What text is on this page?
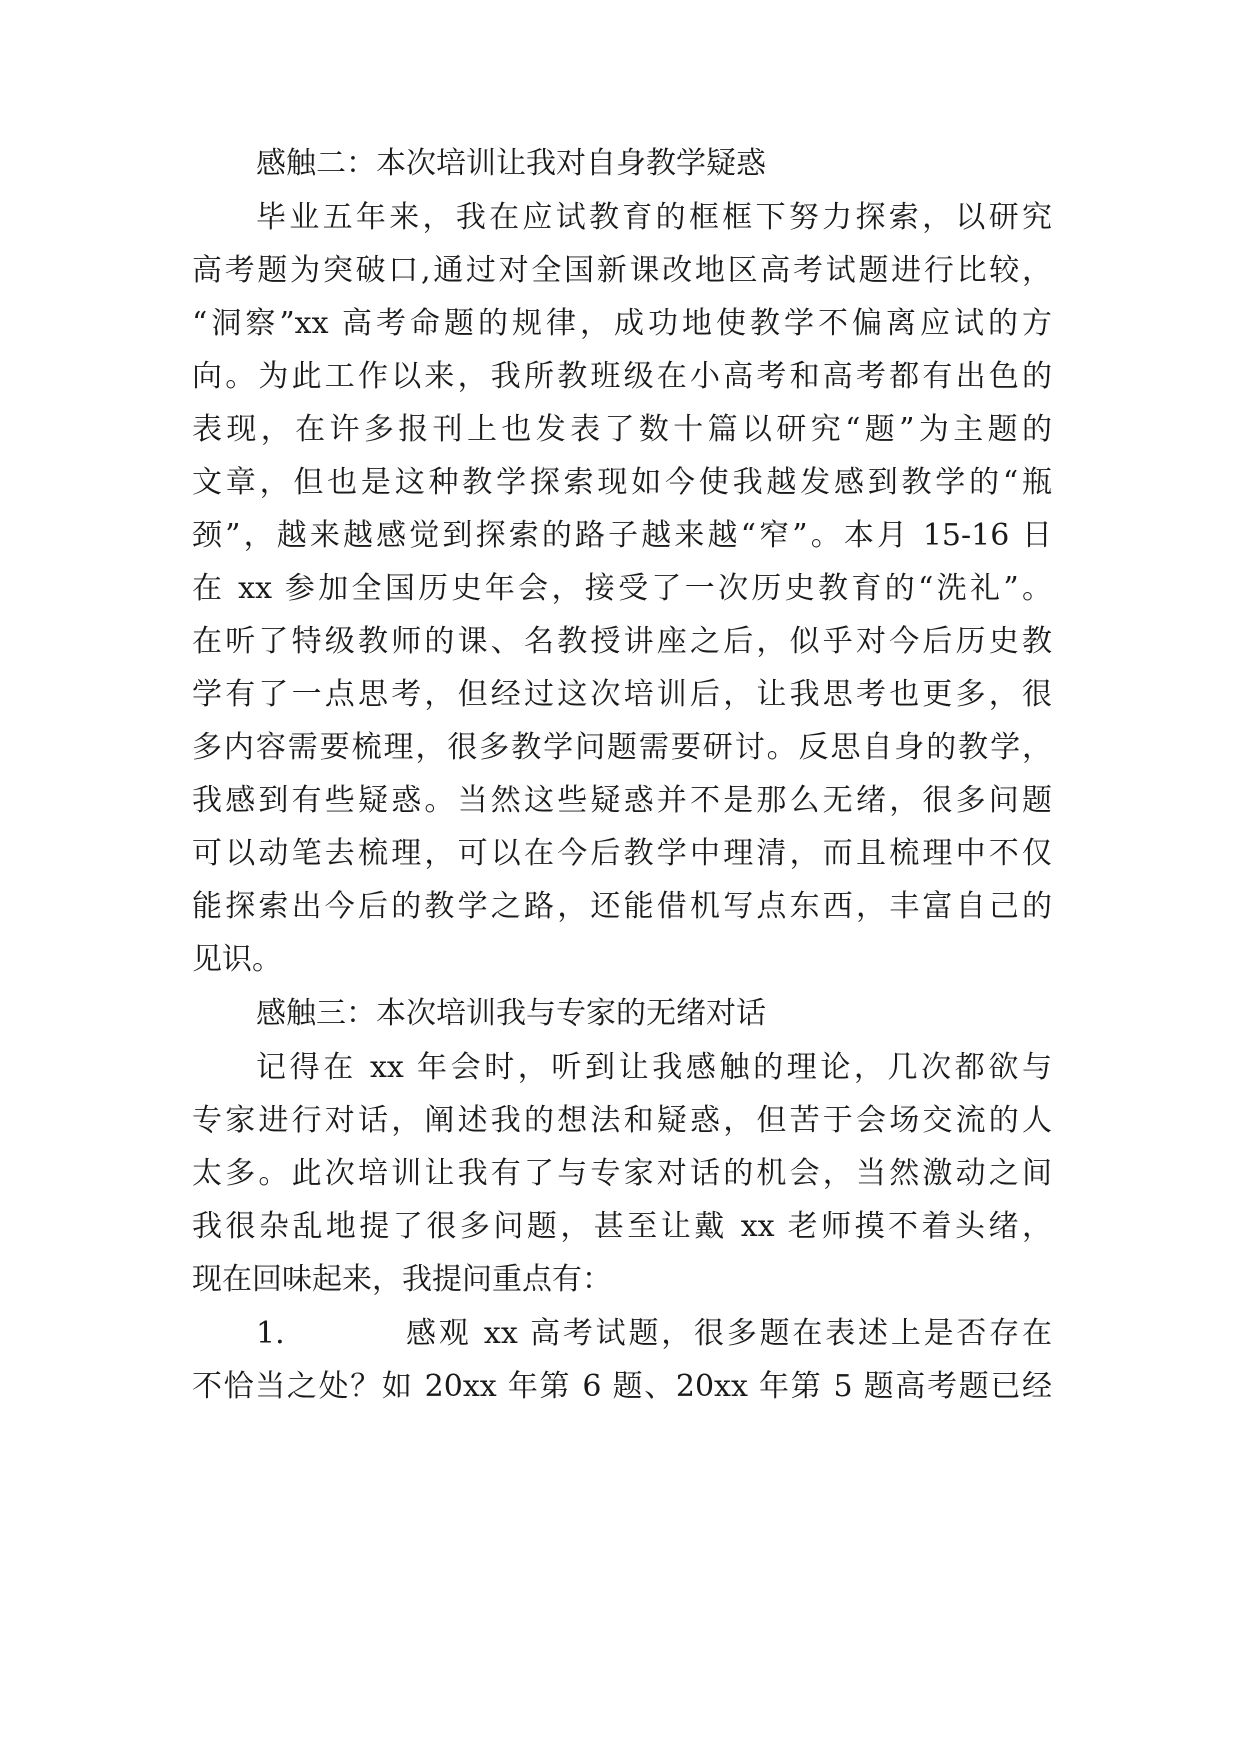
感触二：本次培训让我对自身教学疑惑
毕业五年来，我在应试教育的框框下努力探索，以研究
高考题为突破口,通过对全国新课改地区高考试题进行比较，
“洞察”xx 高考命题的规律，成功地使教学不偏离应试的方
向。为此工作以来，我所教班级在小高考和高考都有出色的
表现，在许多报刊上也发表了数十篇以研究“题”为主题的
文章，但也是这种教学探索现如今使我越发感到教学的“瓶
颈”，越来越感觉到探索的路子越来越“窄”。本月 15-16 日
在 xx 参加全国历史年会，接受了一次历史教育的“洗礼”。
在听了特级教师的课、名教授讲座之后，似乎对今后历史教
学有了一点思考，但经过这次培训后，让我思考也更多，很
多内容需要梳理，很多教学问题需要研讨。反思自身的教学，
我感到有些疑惑。当然这些疑惑并不是那么无绪，很多问题
可以动笔去梳理，可以在今后教学中理清，而且梳理中不仅
能探索出今后的教学之路，还能借机写点东西，丰富自己的
见识。
感触三：本次培训我与专家的无绪对话
记得在 xx 年会时，听到让我感触的理论，几次都欲与
专家进行对话，阐述我的想法和疑惑，但苦于会场交流的人
太多。此次培训让我有了与专家对话的机会，当然激动之间
我很杂乱地提了很多问题，甚至让戴 xx 老师摸不着头绪，
现在回味起来，我提问重点有：
1.	感观 xx 高考试题，很多题在表述上是否存在
不恰当之处？如 20xx 年第 6 题、20xx 年第 5 题高考题已经
